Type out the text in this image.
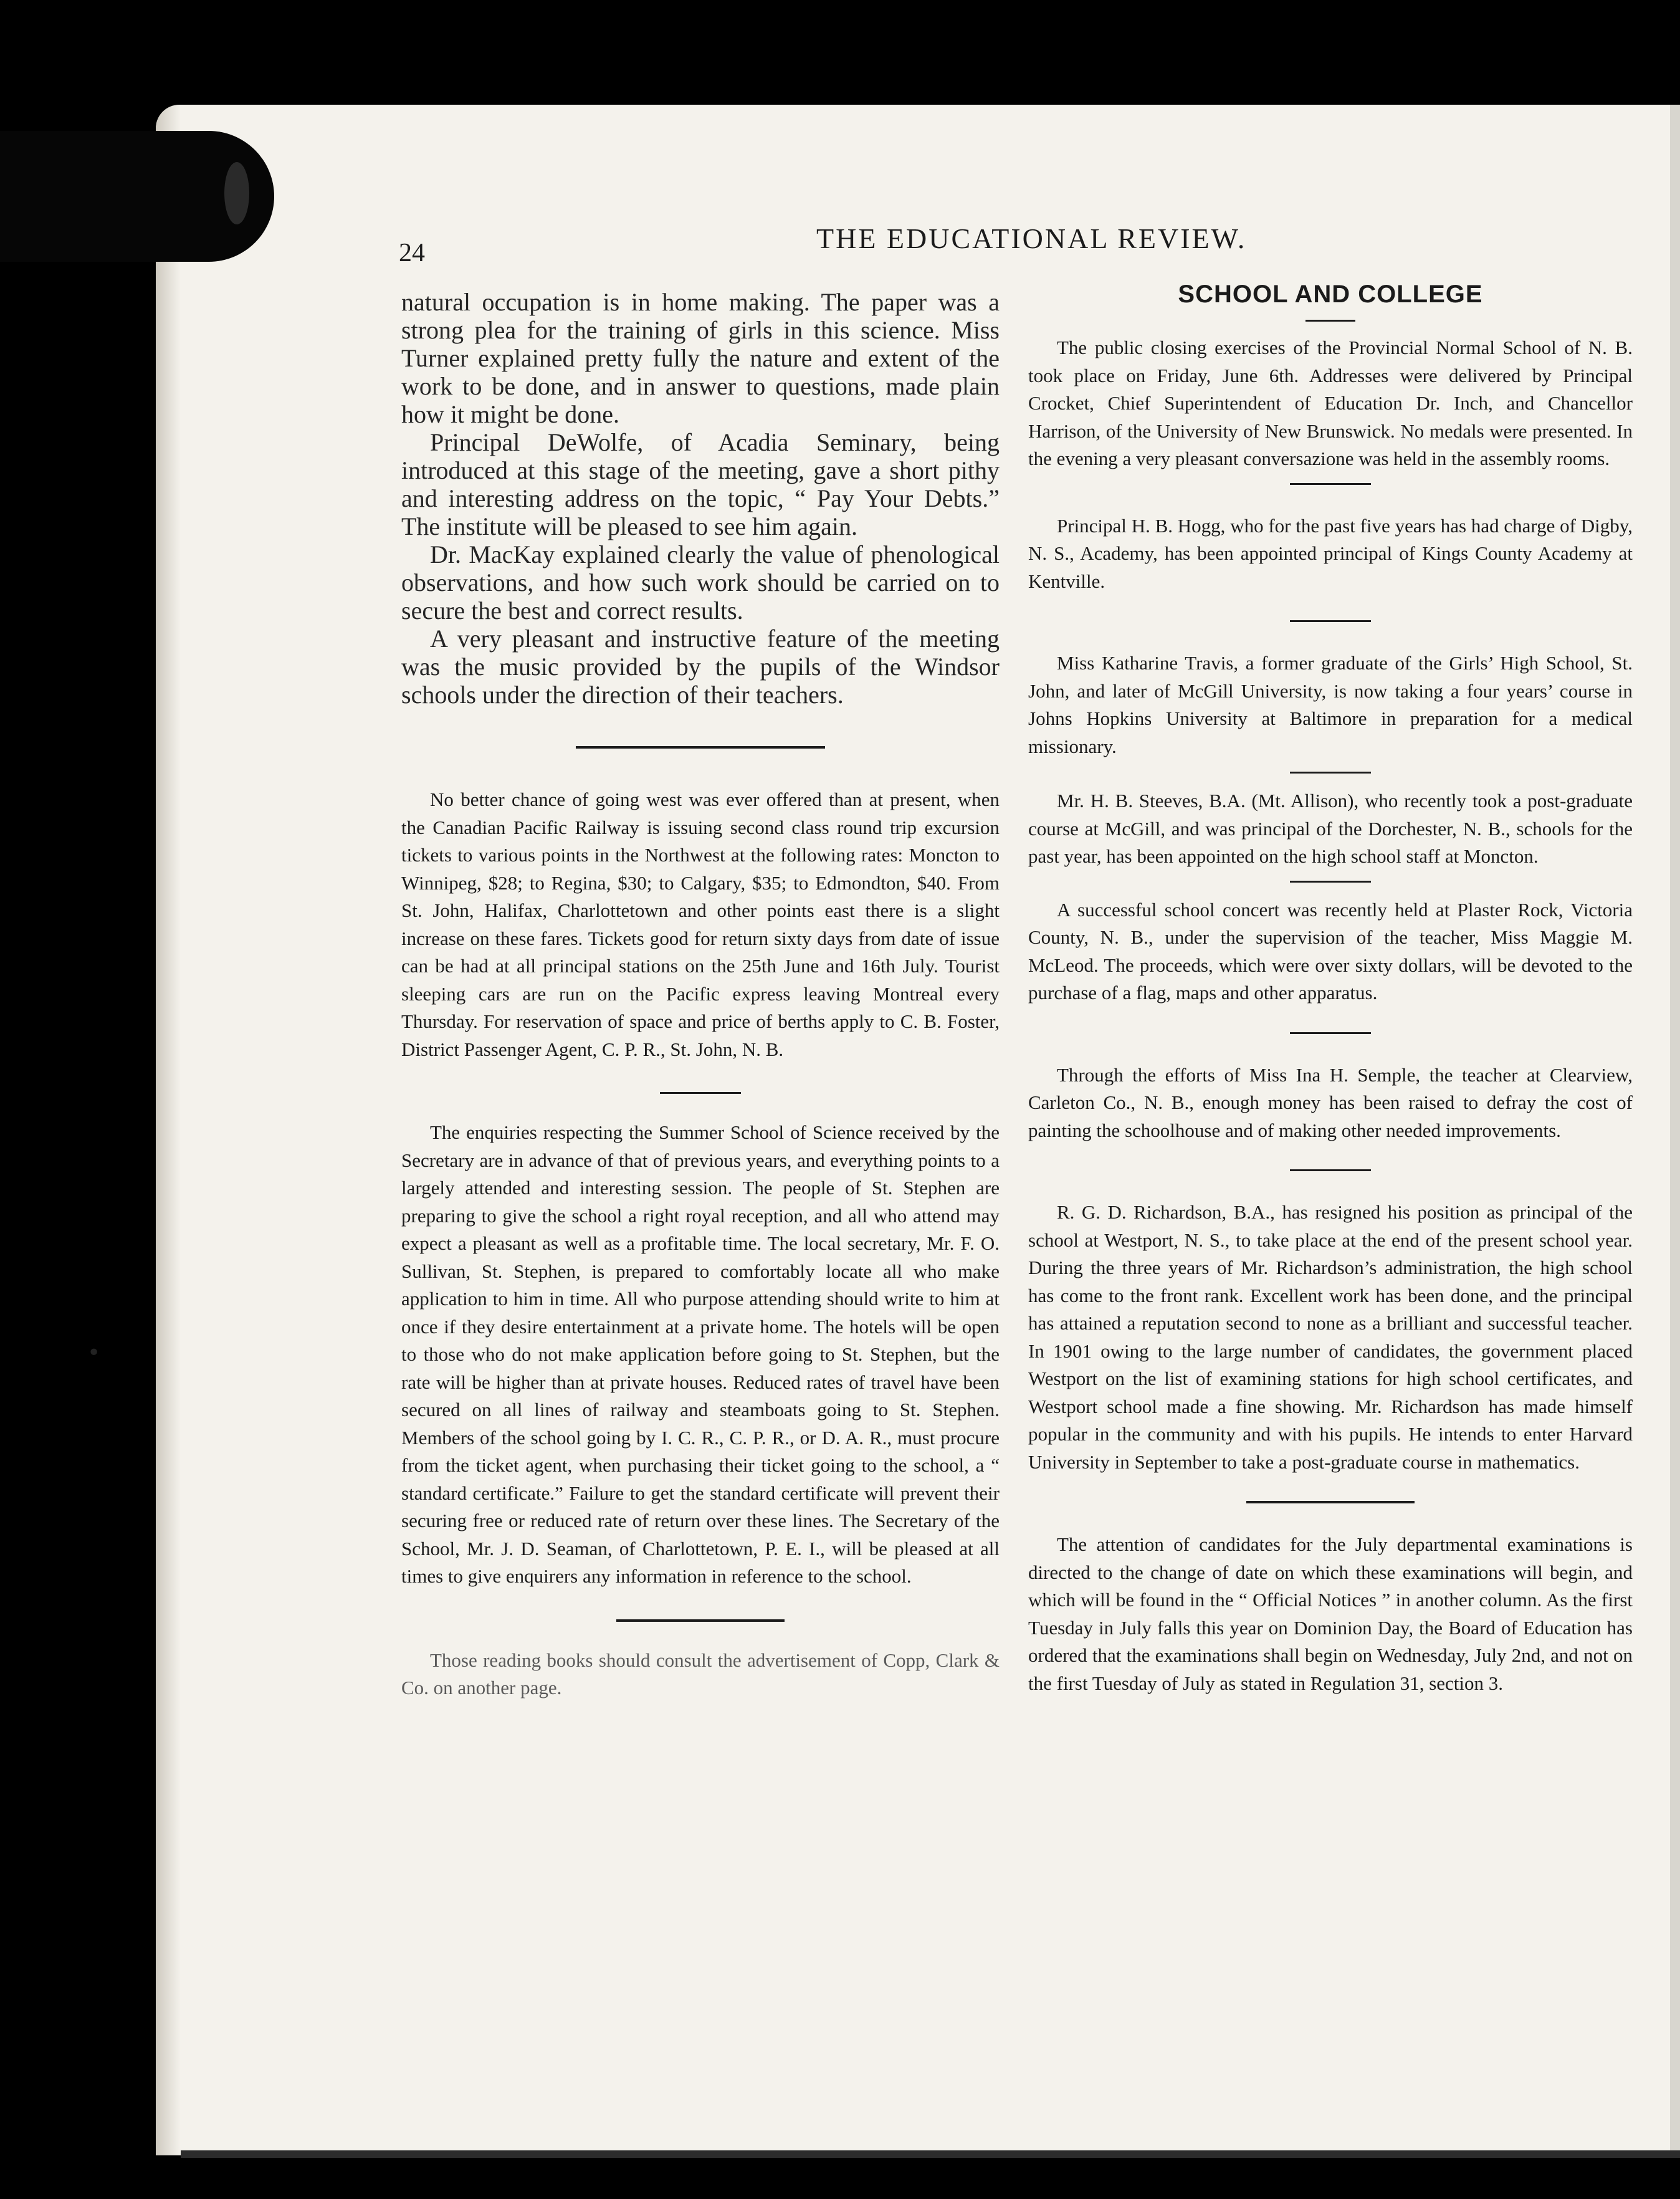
•
24	THE EDUCATIONAL REVIEW.

natural occupation is in home making. The paper was a strong plea for the training of girls in this science. Miss Turner explained pretty fully the nature and extent of the work to be done, and in answer to questions, made plain how it might be done.

Principal DeWolfe, of Acadia Seminary, being introduced at this stage of the meeting, gave a short pithy and interesting address on the topic, “ Pay Your Debts.” The institute will be pleased to see him again.

Dr. MacKay explained clearly the value of phenological observations, and how such work should be carried on to secure the best and correct results.

A very pleasant and instructive feature of the meeting was the music provided by the pupils of the Windsor schools under the direction of their teachers.

No better chance of going west was ever offered than at present, when the Canadian Pacific Railway is issuing second class round trip excursion tickets to various points in the Northwest at the following rates: Moncton to Winnipeg, $28; to Regina, $30; to Calgary, $35; to Edmondton, $40. From St. John, Halifax, Charlottetown and other points east there is a slight increase on these fares. Tickets good for return sixty days from date of issue can be had at all principal stations on the 25th June and 16th July. Tourist sleeping cars are run on the Pacific express leaving Montreal every Thursday. For reservation of space and price of berths apply to C. B. Foster, District Passenger Agent, C. P. R., St. John, N. B.

The enquiries respecting the Summer School of Science received by the Secretary are in advance of that of previous years, and everything points to a largely attended and interesting session. The people of St. Stephen are preparing to give the school a right royal reception, and all who attend may expect a pleasant as well as a profitable time. The local secretary, Mr. F. O. Sullivan, St. Stephen, is prepared to comfortably locate all who make application to him in time. All who purpose attending should write to him at once if they desire entertainment at a private home. The hotels will be open to those who do not make application before going to St. Stephen, but the rate will be higher than at private houses. Reduced rates of travel have been secured on all lines of railway and steamboats going to St. Stephen. Members of the school going by I. C. R., C. P. R., or D. A. R., must procure from the ticket agent, when purchasing their ticket going to the school, a “ standard certificate.” Failure to get the standard certificate will prevent their securing free or reduced rate of return over these lines. The Secretary of the School, Mr. J. D. Seaman, of Charlottetown, P. E. I., will be pleased at all times to give enquirers any information in reference to the school.

Those reading books should consult the advertisement of Copp, Clark & Co. on another page.

SCHOOL AND COLLEGE

The public closing exercises of the Provincial Normal School of N. B. took place on Friday, June 6th. Addresses were delivered by Principal Crocket, Chief Superintendent of Education Dr. Inch, and Chancellor Harrison, of the University of New Brunswick. No medals were presented. In the evening a very pleasant conversazione was held in the assembly rooms.

Principal H. B. Hogg, who for the past five years has had charge of Digby, N. S., Academy, has been appointed principal of Kings County Academy at Kentville.

Miss Katharine Travis, a former graduate of the Girls’ High School, St. John, and later of McGill University, is now taking a four years’ course in Johns Hopkins University at Baltimore in preparation for a medical missionary.

Mr. H. B. Steeves, B.A. (Mt. Allison), who recently took a post-graduate course at McGill, and was principal of the Dorchester, N. B., schools for the past year, has been appointed on the high school staff at Moncton.

A successful school concert was recently held at Plaster Rock, Victoria County, N. B., under the supervision of the teacher, Miss Maggie M. McLeod. The proceeds, which were over sixty dollars, will be devoted to the purchase of a flag, maps and other apparatus.

Through the efforts of Miss Ina H. Semple, the teacher at Clearview, Carleton Co., N. B., enough money has been raised to defray the cost of painting the schoolhouse and of making other needed improvements.

R. G. D. Richardson, B.A., has resigned his position as principal of the school at Westport, N. S., to take place at the end of the present school year. During the three years of Mr. Richardson’s administration, the high school has come to the front rank. Excellent work has been done, and the principal has attained a reputation second to none as a brilliant and successful teacher. In 1901 owing to the large number of candidates, the government placed Westport on the list of examining stations for high school certificates, and Westport school made a fine showing. Mr. Richardson has made himself popular in the community and with his pupils. He intends to enter Harvard University in September to take a post-graduate course in mathematics.

The attention of candidates for the July departmental examinations is directed to the change of date on which these examinations will begin, and which will be found in the “ Official Notices ” in another column. As the first Tuesday in July falls this year on Dominion Day, the Board of Education has ordered that the examinations shall begin on Wednesday, July 2nd, and not on the first Tuesday of July as stated in Regulation 31, section 3.
